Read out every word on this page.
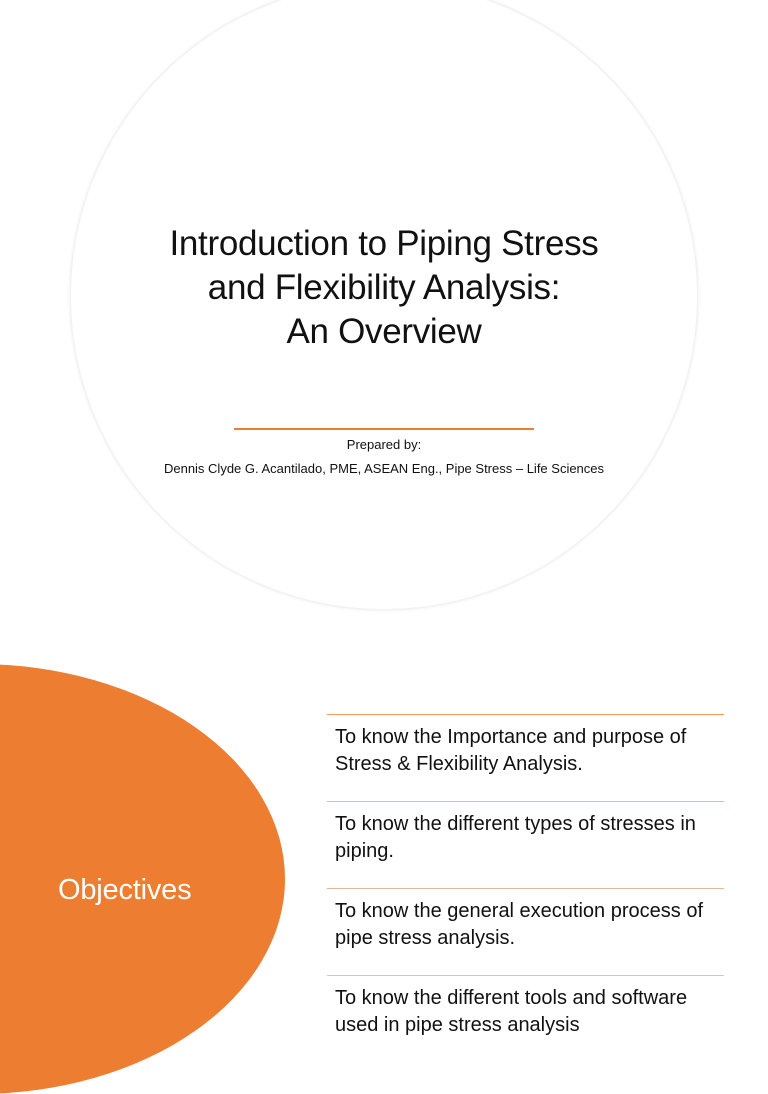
Introduction to Piping Stress
and Flexibility Analysis:
An Overview
Prepared by:
Dennis Clyde G. Acantilado, PME, ASEAN Eng., Pipe Stress – Life Sciences
Objectives
To know the Importance and purpose of Stress & Flexibility Analysis.
To know the different types of stresses in piping.
To know the general execution process of pipe stress analysis.
To know the different tools and software used in pipe stress analysis
